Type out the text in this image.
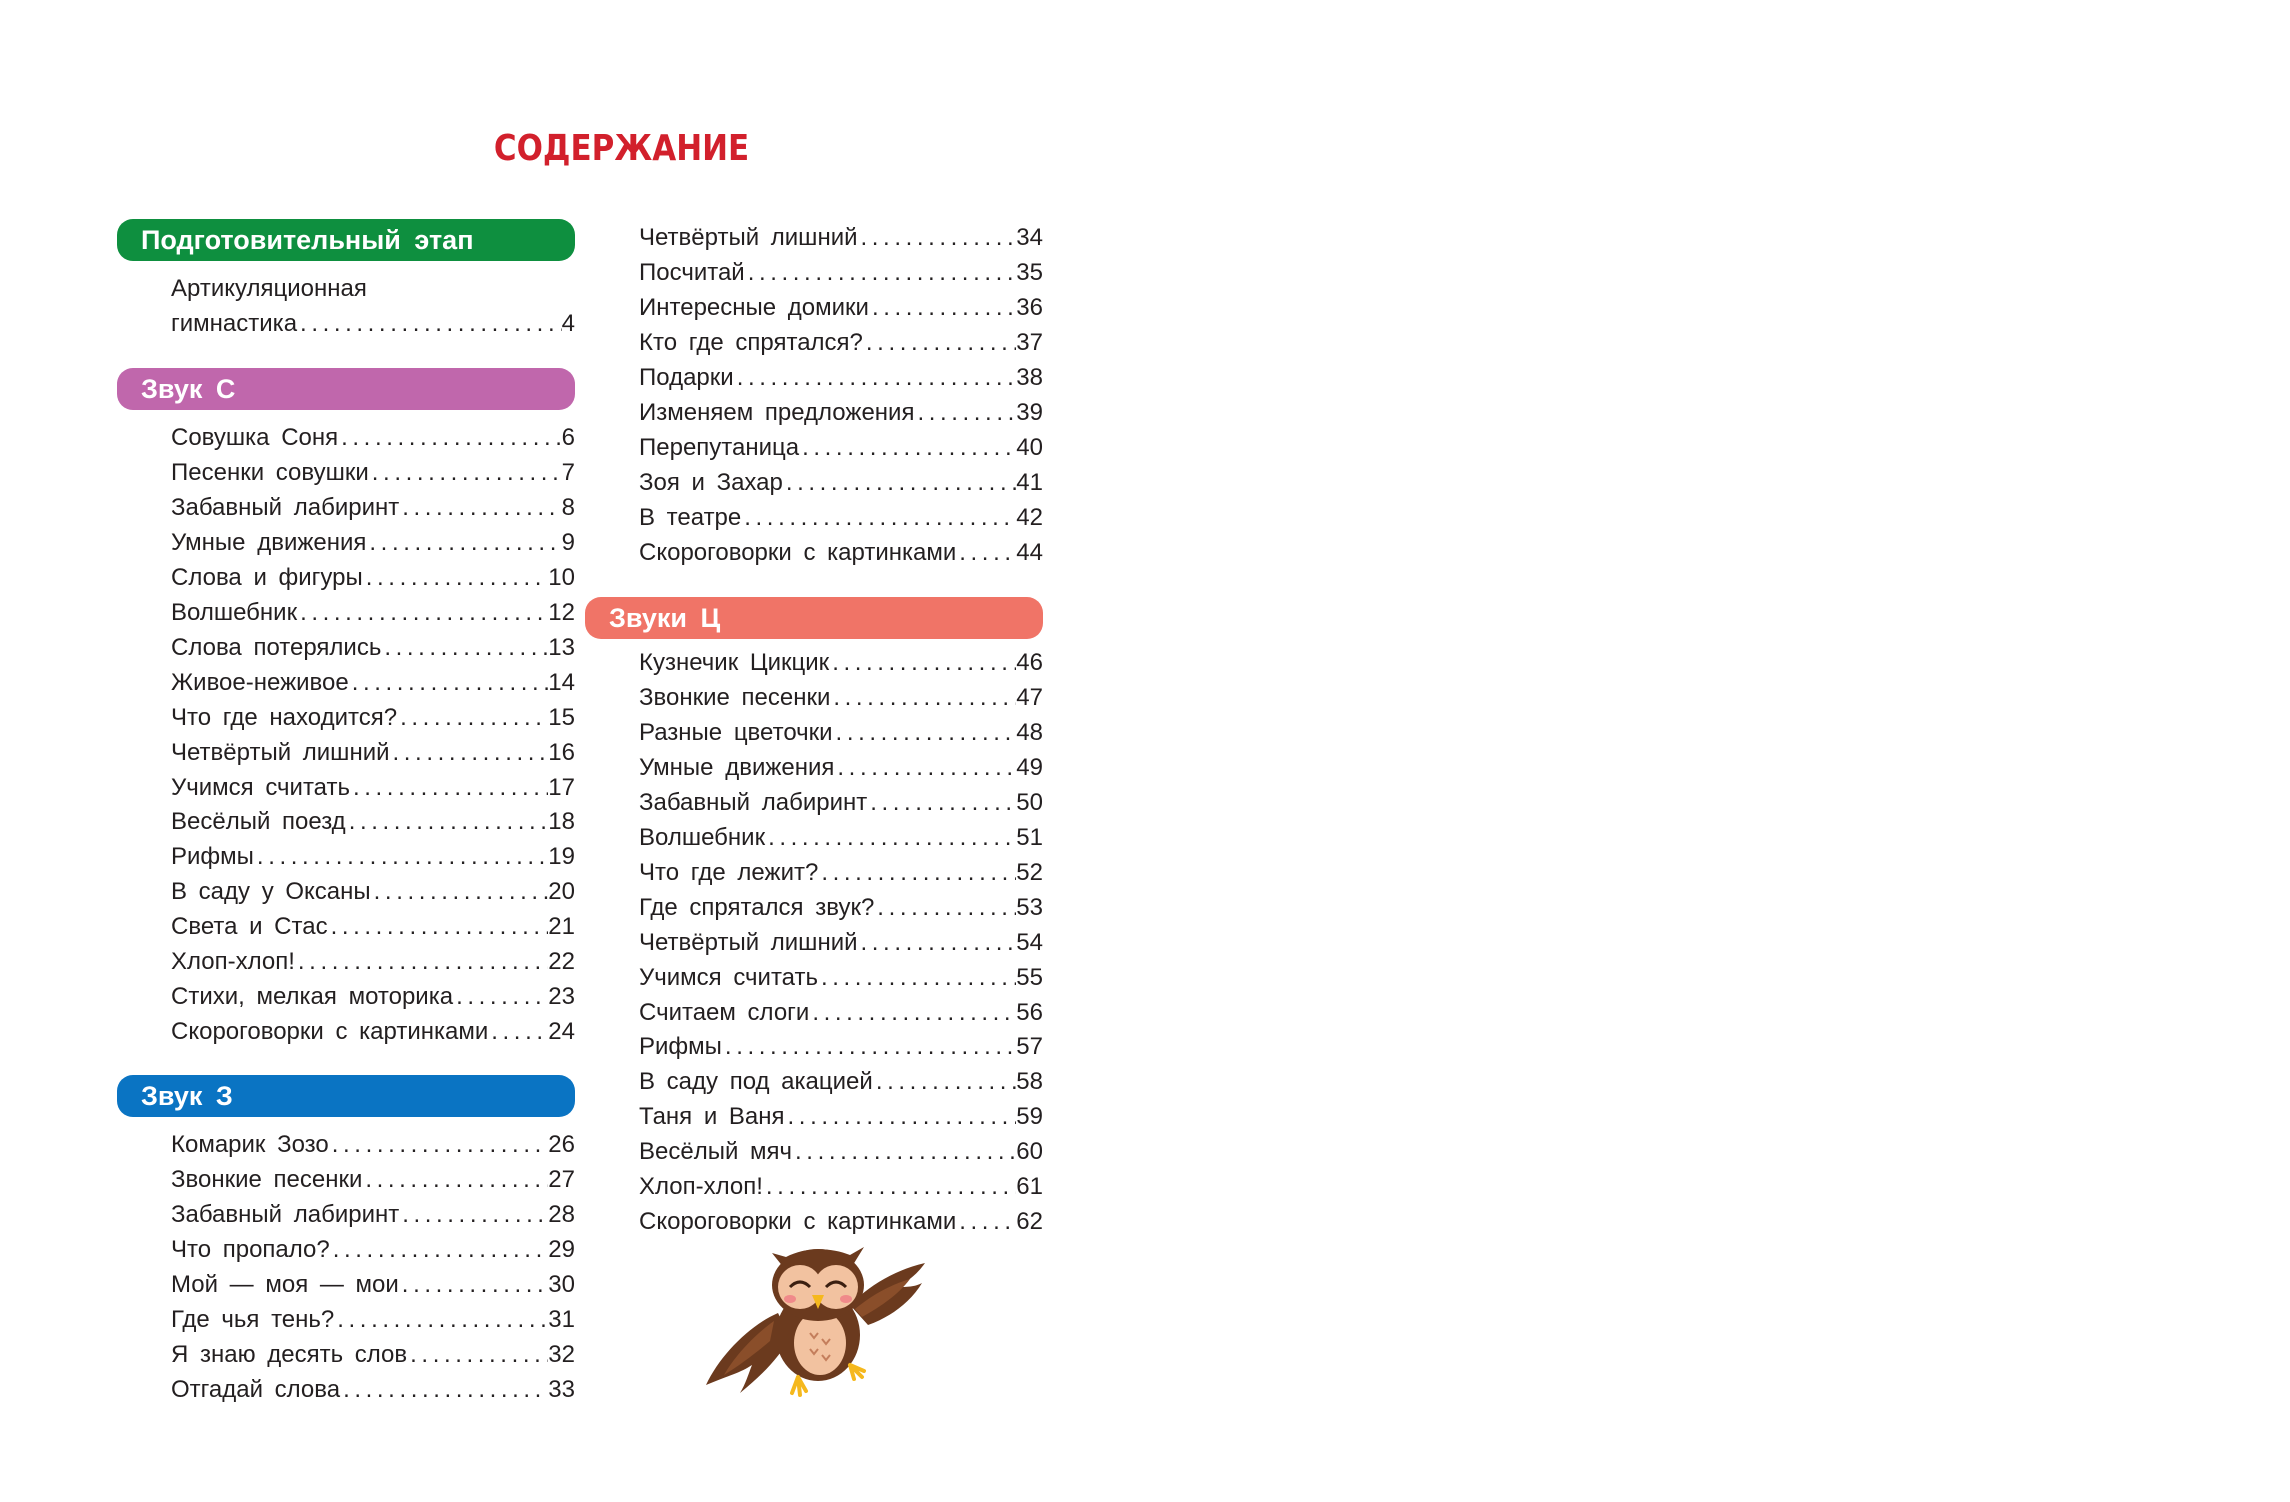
СОДЕРЖАНИЕ
Подготовительный этап
Артикуляционная
гимнастика .....	4
Звук С
Совушка Соня .....	6
Песенки совушки .....	7
Забавный лабиринт .....	8
Умные движения .....	9
Слова и фигуры .....	10
Волшебник .....	12
Слова потерялись .....	13
Живое-неживое .....	14
Что где находится? .....	15
Четвёртый лишний .....	16
Учимся считать .....	17
Весёлый поезд .....	18
Рифмы .....	19
В саду у Оксаны .....	20
Света и Стас .....	21
Хлоп-хлоп! .....	22
Стихи, мелкая моторика .....	23
Скороговорки с картинками .....	24
Звук З
Комарик Зозо .....	26
Звонкие песенки .....	27
Забавный лабиринт .....	28
Что пропало? .....	29
Мой — моя — мои .....	30
Где чья тень? .....	31
Я знаю десять слов .....	32
Отгадай слова .....	33
Четвёртый лишний .....	34
Посчитай .....	35
Интересные домики .....	36
Кто где спрятался? .....	37
Подарки .....	38
Изменяем предложения .....	39
Перепутаница .....	40
Зоя и Захар .....	41
В театре .....	42
Скороговорки с картинками .....	44
Звуки Ц
Кузнечик Цикцик .....	46
Звонкие песенки .....	47
Разные цветочки .....	48
Умные движения .....	49
Забавный лабиринт .....	50
Волшебник .....	51
Что где лежит? .....	52
Где спрятался звук? .....	53
Четвёртый лишний .....	54
Учимся считать .....	55
Считаем слоги .....	56
Рифмы .....	57
В саду под акацией .....	58
Таня и Ваня .....	59
Весёлый мяч .....	60
Хлоп-хлоп! .....	61
Скороговорки с картинками .....	62
